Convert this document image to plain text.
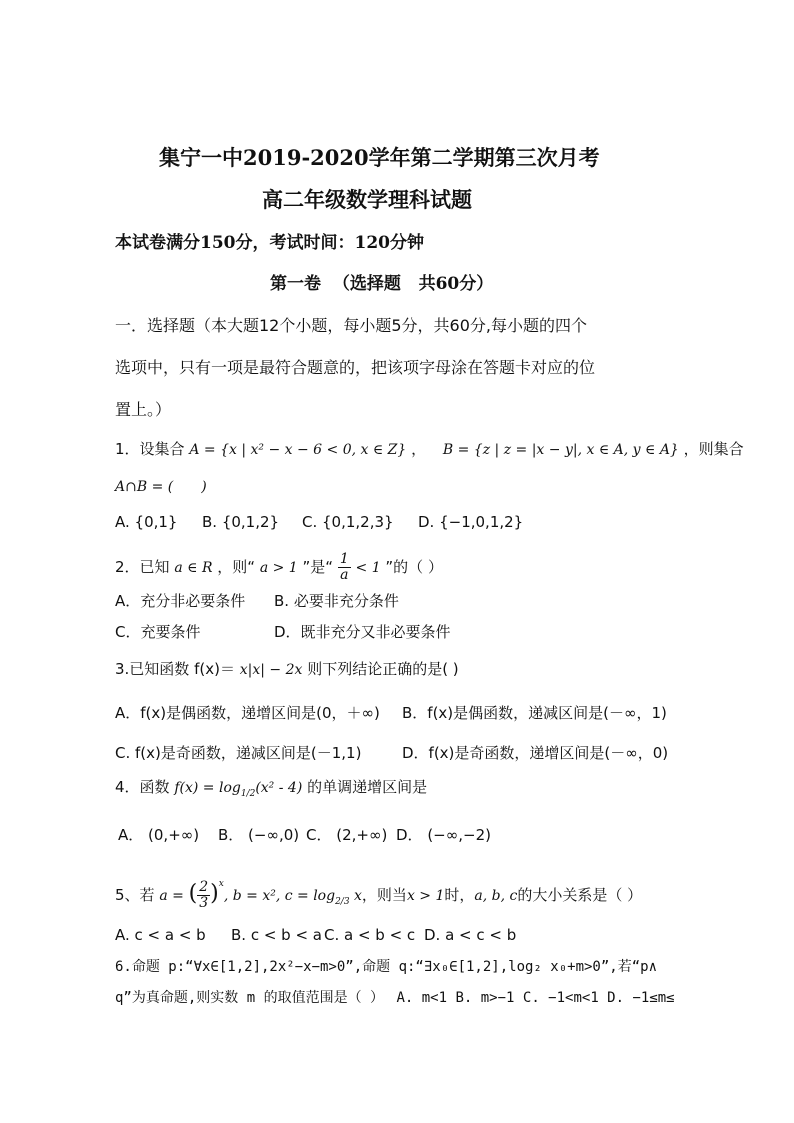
集宁一中2019-2020学年第二学期第三次月考
高二年级数学理科试题
本试卷满分150分，考试时间：120分钟
第一卷  （选择题   共60分）
一．选择题（本大题12个小题，每小题5分，共60分,每小题的四个
选项中，只有一项是最符合题意的，把该项字母涂在答题卡对应的位
置上。）
1．设集合 A = {x | x² − x − 6 < 0, x ∈ Z} ， B = {z | z = |x − y|, x ∈ A, y ∈ A} ，则集合
A∩B = (　　)
A. {0,1} B. {0,1,2} C. {0,1,2,3} D. {−1,0,1,2}
2．已知 a ∈ R ，则“ a > 1 ”是“ $\frac{1}{a} < 1$ ”的（ ）
A．充分非必要条件 B. 必要非充分条件
C．充要条件	D．既非充分又非必要条件
3.已知函数 f(x)＝ x|x| − 2x 则下列结论正确的是( )
A．f(x)是偶函数，递增区间是(0，＋∞) B．f(x)是偶函数，递减区间是(－∞，1)
C. f(x)是奇函数，递减区间是(－1,1)	D．f(x)是奇函数，递增区间是(－∞，0)
4．函数 $f(x) = \log_{1/2}(x^2 - 4)$ 的单调递增区间是
A． (0,+∞) B． (−∞,0) C． (2,+∞) D． (−∞,−2)
5、若 a = ( $\frac{2}{3} )^x$, b = x², $c = \log_{2/3} x$，则当x > 1时，a, b, c的大小关系是（ ）
A. c < a < b B. c < b < a C. a < b < c D. a < c < b
6.命题 p:“∀x∈[1,2],2x²−x−m>0”,命题 q:“∃x₀∈[1,2],log₂ x₀+m>0”,若“p∧
q”为真命题,则实数 m 的取值范围是（ ） A. m<1 B. m>−1 C. −1<m<1 D. −1≤m≤
